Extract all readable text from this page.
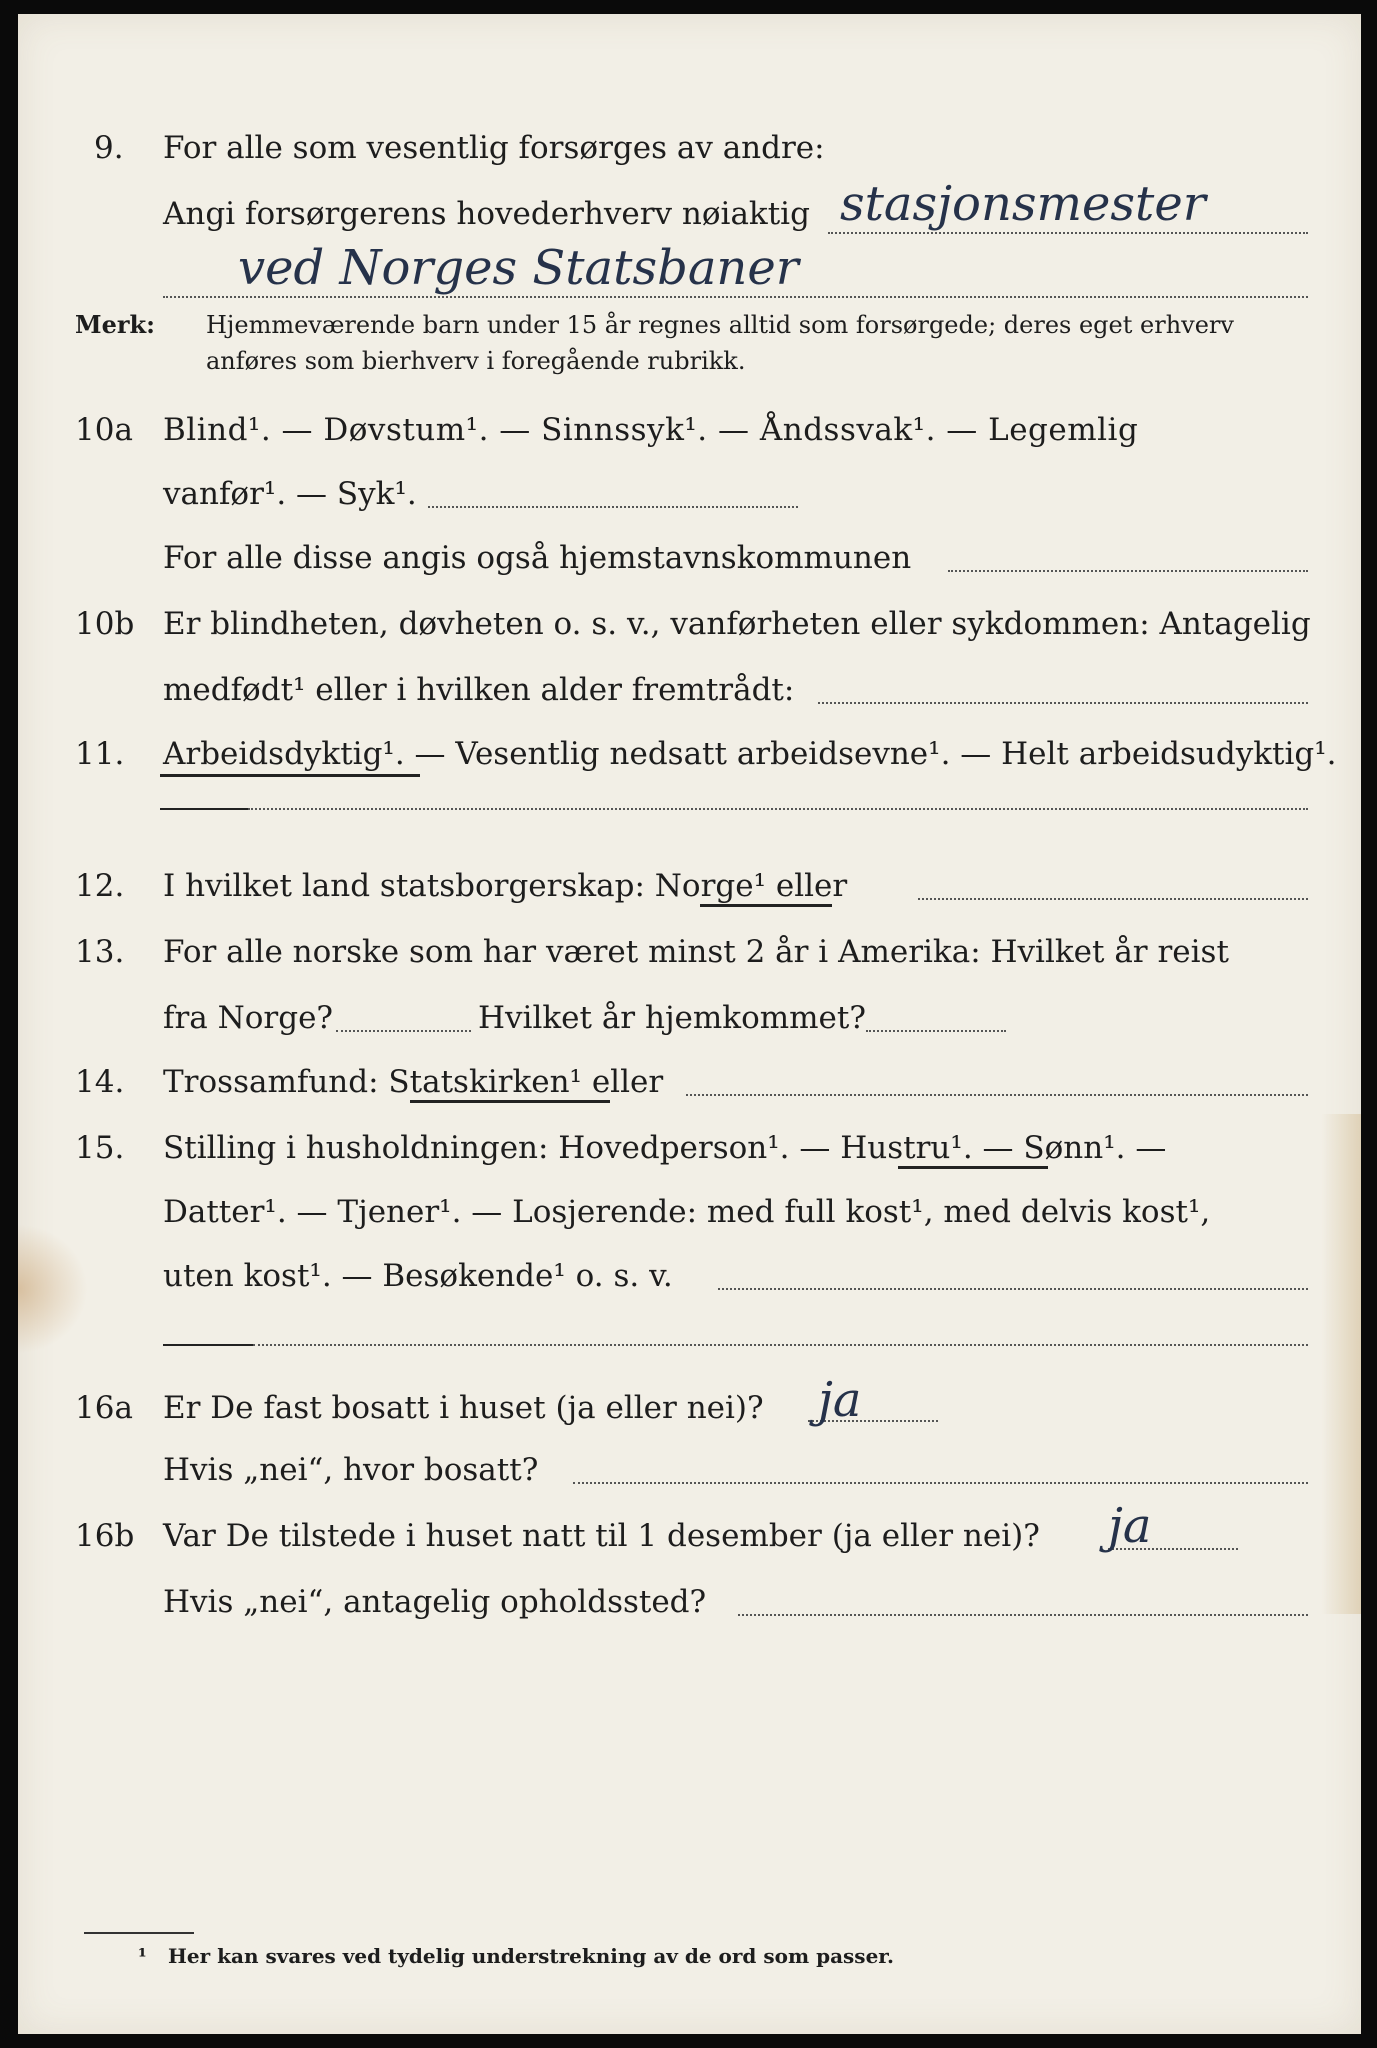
9. For alle som vesentlig forsørges av andre:
Angi forsørgerens hovederhverv nøiaktig stasjonsmester
ved Norges Statsbaner
Merk: Hjemmeværende barn under 15 år regnes alltid som forsørgede; deres eget erhverv
anføres som bierhverv i foregående rubrikk.
10a Blind¹. — Døvstum¹. — Sinnssyk¹. — Åndssvak¹. — Legemlig
vanfør¹. — Syk¹.
For alle disse angis også hjemstavnskommunen
10b Er blindheten, døvheten o. s. v., vanførheten eller sykdommen: Antagelig
medfødt¹ eller i hvilken alder fremtrådt:
11. Arbeidsdyktig¹. — Vesentlig nedsatt arbeidsevne¹. — Helt arbeidsudyktig¹.
12. I hvilket land statsborgerskap: Norge¹ eller
13. For alle norske som har været minst 2 år i Amerika: Hvilket år reist
fra Norge?	Hvilket år hjemkommet?
14. Trossamfund: Statskirken¹ eller
15. Stilling i husholdningen: Hovedperson¹. — Hustru¹. — Sønn¹. —
Datter¹. — Tjener¹. — Losjerende: med full kost¹, med delvis kost¹,
uten kost¹. — Besøkende¹ o. s. v.
16a Er De fast bosatt i huset (ja eller nei)? ja
Hvis „nei“, hvor bosatt?
16b Var De tilstede i huset natt til 1 desember (ja eller nei)? ja
Hvis „nei“, antagelig opholdssted?
¹ Her kan svares ved tydelig understrekning av de ord som passer.
